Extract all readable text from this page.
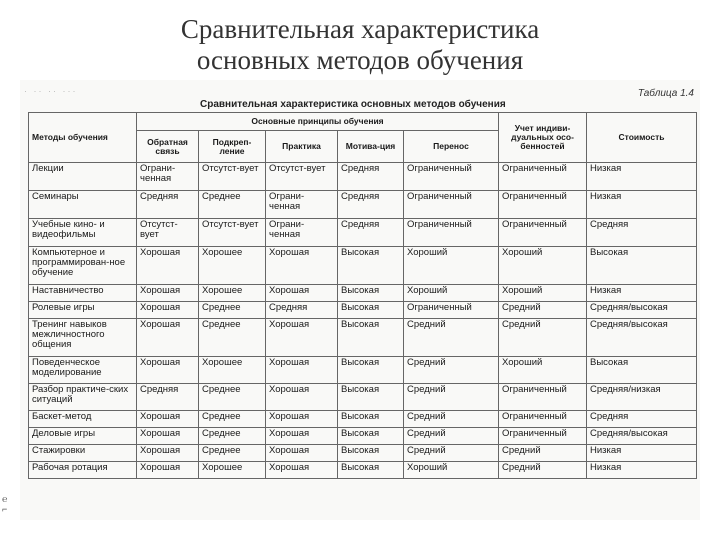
Сравнительная характеристика
основных методов обучения
· ·· ·· ···	Таблица 1.4
Сравнительная характеристика основных методов обучения
℮
⌐
Методы обучения	Основные принципы обучения					Учет индиви-дуальных осо-бенностей	Стоимость
	Обратная связь	Подкреп-ление	Практика	Мотива-ция	Перенос		
Лекции	Ограни-ченная	Отсутст-вует	Отсутст-вует	Средняя	Ограниченный	Ограниченный	Низкая
Семинары	Средняя	Среднее	Ограни-ченная	Средняя	Ограниченный	Ограниченный	Низкая
Учебные кино- и видеофильмы	Отсутст-вует	Отсутст-вует	Ограни-ченная	Средняя	Ограниченный	Ограниченный	Средняя
Компьютерное и программирован-ное обучение	Хорошая	Хорошее	Хорошая	Высокая	Хороший	Хороший	Высокая
Наставничество	Хорошая	Хорошее	Хорошая	Высокая	Хороший	Хороший	Низкая
Ролевые игры	Хорошая	Среднее	Средняя	Высокая	Ограниченный	Средний	Средняя/высокая
Тренинг навыков межличностного общения	Хорошая	Среднее	Хорошая	Высокая	Средний	Средний	Средняя/высокая
Поведенческое моделирование	Хорошая	Хорошее	Хорошая	Высокая	Средний	Хороший	Высокая
Разбор практиче-ских ситуаций	Средняя	Среднее	Хорошая	Высокая	Средний	Ограниченный	Средняя/низкая
Баскет-метод	Хорошая	Среднее	Хорошая	Высокая	Средний	Ограниченный	Средняя
Деловые игры	Хорошая	Среднее	Хорошая	Высокая	Средний	Ограниченный	Средняя/высокая
Стажировки	Хорошая	Среднее	Хорошая	Высокая	Средний	Средний	Низкая
Рабочая ротация	Хорошая	Хорошее	Хорошая	Высокая	Хороший	Средний	Низкая
